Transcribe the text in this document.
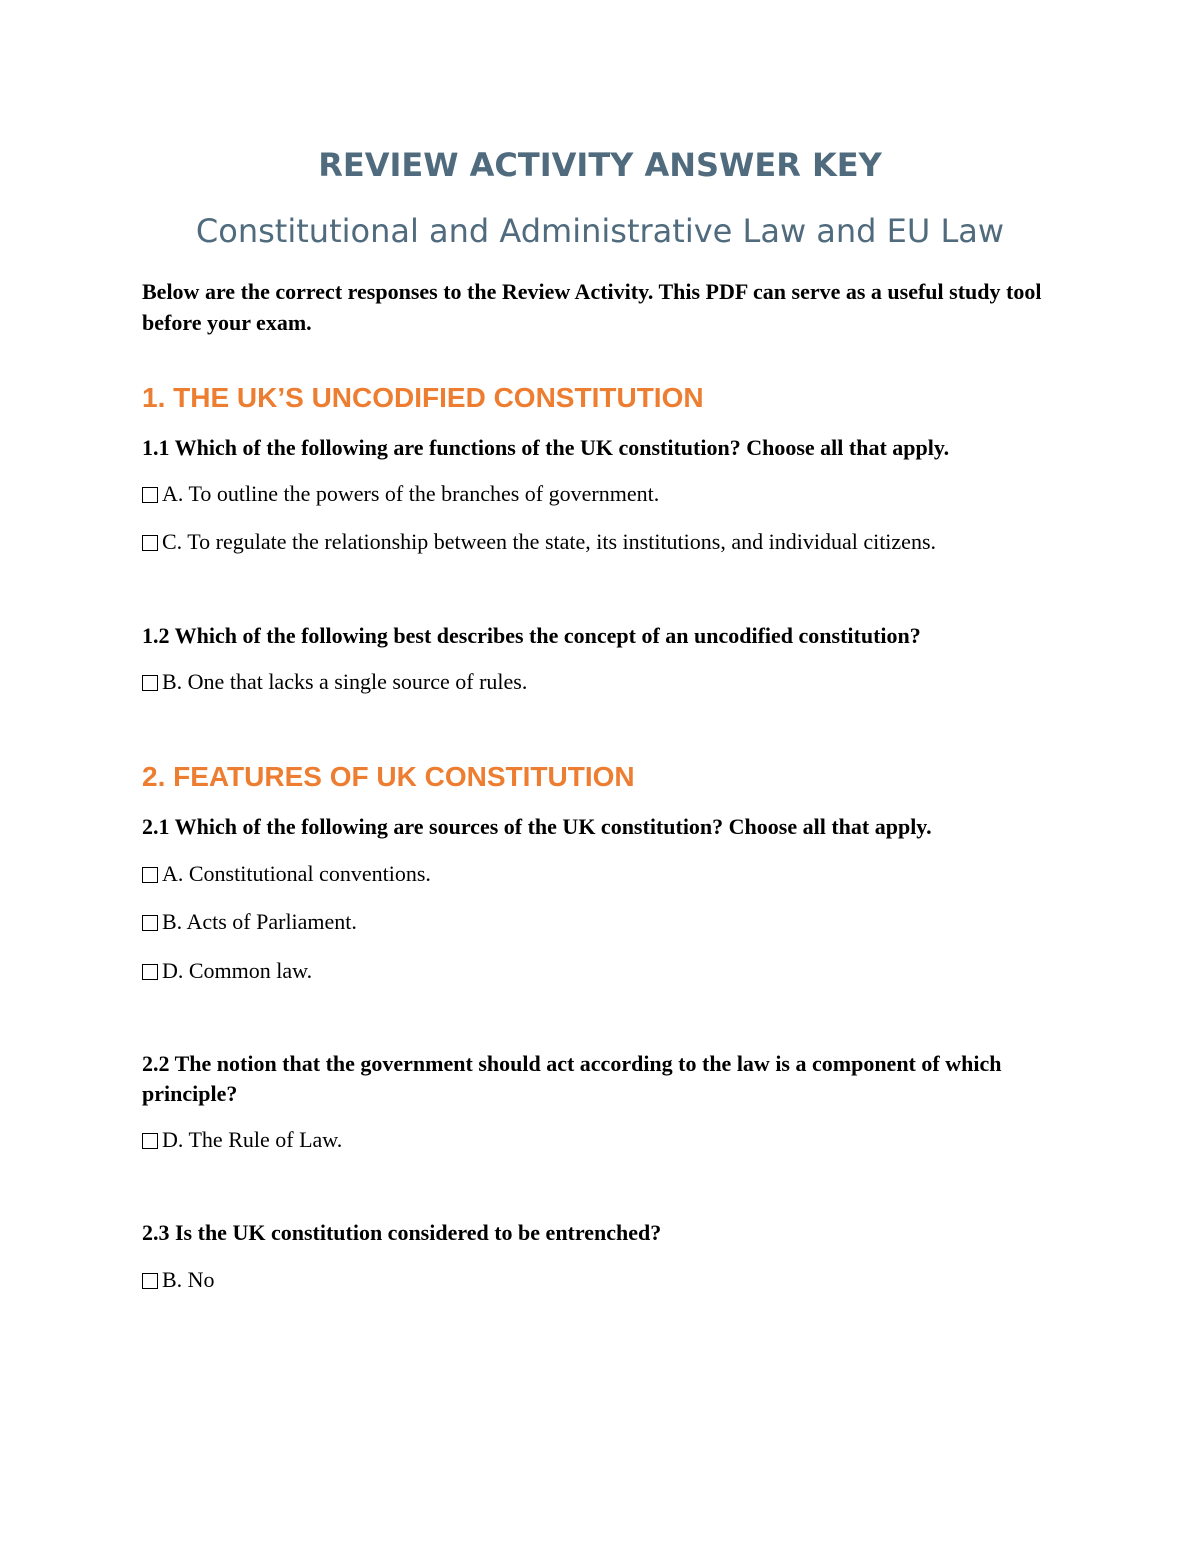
REVIEW ACTIVITY ANSWER KEY
Constitutional and Administrative Law and EU Law

Below are the correct responses to the Review Activity. This PDF can serve as a useful study tool before your exam.

1. THE UK’S UNCODIFIED CONSTITUTION

1.1 Which of the following are functions of the UK constitution? Choose all that apply.

A. To outline the powers of the branches of government.
C. To regulate the relationship between the state, its institutions, and individual citizens.

1.2 Which of the following best describes the concept of an uncodified constitution?

B. One that lacks a single source of rules.
2. FEATURES OF UK CONSTITUTION

2.1 Which of the following are sources of the UK constitution? Choose all that apply.

A. Constitutional conventions.
B. Acts of Parliament.
D. Common law.

2.2 The notion that the government should act according to the law is a component of which principle?

D. The Rule of Law.

2.3 Is the UK constitution considered to be entrenched?

B. No
